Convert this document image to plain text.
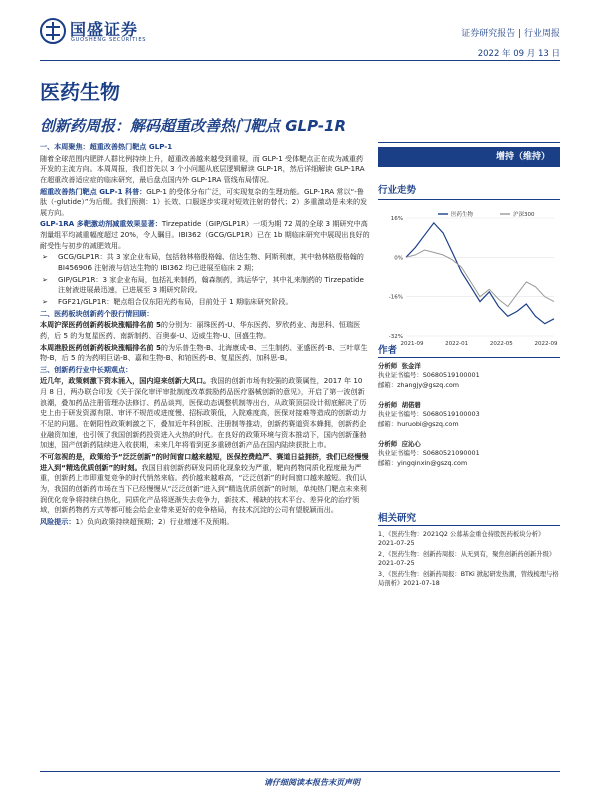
国盛证券
GUOSHENG SECURITIES
证券研究报告 | 行业周报
2022 年 09 月 13 日
医药生物
创新药周报：解码超重改善热门靶点 GLP-1R

一、本周聚焦：超重改善热门靶点 GLP-1

随着全球范围内肥胖人群比例持续上升，超重改善越来越受到重视，而 GLP-1 受体靶点正在成为减重药开发的主流方向。本周周报，我们首先以 3 个小问题从底层逻辑解读 GLP-1R，然后详细解读 GLP-1RA 在超重改善适应症的临床研究，最后盘点国内外 GLP-1RA 管线布局情况。

超重改善热门靶点 GLP-1 科普：GLP-1 的受体分布广泛，可实现复杂的生理功能。GLP-1RA 常以“-鲁肽（-glutide）”为后缀。我们预测：1）长效、口服逐步实现对短效注射的替代；2）多重激动是未来的发展方向。

GLP-1RA 多靶激动剂减重效果显著：Tirzepatide（GIP/GLP1R）一项为期 72 周的全球 3 期研究中高剂量组平均减重幅度超过 20%，令人瞩目。IBI362（GCG/GLP1R）已在 1b 期临床研究中展现出良好的耐受性与初步的减肥效用。

➢ GCG/GLP1R：共 3 家企业布局，包括勃林格殷格翰、信达生物、阿斯利康，其中勃林格殷格翰的 BI456906 注射液与信达生物的 IBI362 均已进展至临床 2 期；

➢ GIP/GLP1R：3 家企业布局，包括礼来制药，翰森制药，鸿运华宁，其中礼来制药的 Tirzepatide 注射液进展最迅速，已进展至 3 期研究阶段。

➢ FGF21/GLP1R：靶点组合仅东阳光药布局，目前处于 1 期临床研究阶段。

二、医药板块创新药个股行情回顾：

本周沪深医药创新药板块涨幅排名前 5的分别为：丽珠医药-U、华东医药、罗欣药业、海思科、恒瑞医药，后 5 的为复星医药、南新制药、百奥泰-U、迈威生物-U、回盛生物。

本周港股医药创新药板块涨幅排名前 5的为乐普生物-B、北海康成-B、三生制药、亚盛医药-B、三叶草生物-B，后 5 的为药明巨诺-B、嘉和生物-B、和铂医药-B、复星医药、加科思-B。

三、创新药行业中长期观点：

近几年，政策刺激下资本涌入，国内迎来创新大风口。我国的创新市场有较强的政策属性，2017 年 10 月 8 日，两办联合印发《关于深化审评审批制度改革鼓励药品医疗器械创新的意见》，开启了第一波创新浪潮，叠加药品注册管理办法修订、药品谈判，医保动态调整机制等出台，从政策顶层设计彻底解决了历史上由于研发资源有限、审评不规范或进度慢、招标政策低，入院难度高，医保对接难等造成的创新动力不足的问题。在朝阳性政策刺激之下，叠加近年科创板、注册制等推动，创新药赛道资本蜂拥，创新药企业融资加速，也引领了我国创新药投资进入火热的时代。在良好的政策环境与资本推动下，国内创新蓬勃加速，国产创新药陆续进入收获期，未来几年将看到更多重磅创新产品在国内陆续获批上市。

不可忽视的是，政策给予“泛泛创新”的时间窗口越来越短，医保控费趋严、赛道日益拥挤，我们已经慢慢进入到“精选优质创新”的时刻。我国目前创新药研发同质化现象较为严重，靶向药物同质化程度最为严重，创新药上市即重复竞争的时代悄然来临。药价越来越难高，“泛泛创新”的时间窗口越来越短。我们认为，我国的创新药市场在当下已经慢慢从“泛泛创新”进入到“精选优质创新”的时刻，单纯热门靶点未来利润优化竞争将持续白热化，同质化产品将逐渐失去竞争力，新技术、稀缺的技术平台、差异化的治疗领域，创新药物药方式等都可能会给企业带来更好的竞争格局，有技术沉淀的公司有望脱颖而出。

风险提示：1）负向政策持续超预期；2）行业增速不及预期。

增持（维持）
行业走势
16%
0%
-16%
-32%
2021-09	2022-01	2022-05	2022-09
医药生物	沪深300
作者
分析师 张金洋
执业证书编号：S0680519100001
邮箱：zhangjy@gszq.com
分析师 胡偌碧
执业证书编号：S0680519100003
邮箱：huruobi@gszq.com
分析师 应沁心
执业证书编号：S0680521090001
邮箱：yingqinxin@gszq.com
相关研究

1、《医药生物：2021Q2 公募基金重仓持股医药板块分析》2021-07-25

2、《医药生物：创新药周报：从无到有，聚焦创新药创新升级》2021-07-25

3、《医药生物：创新药周报：BTKi 掀起研发热潮，管线梳理与格局剖析》2021-07-18

请仔细阅读本报告末页声明
